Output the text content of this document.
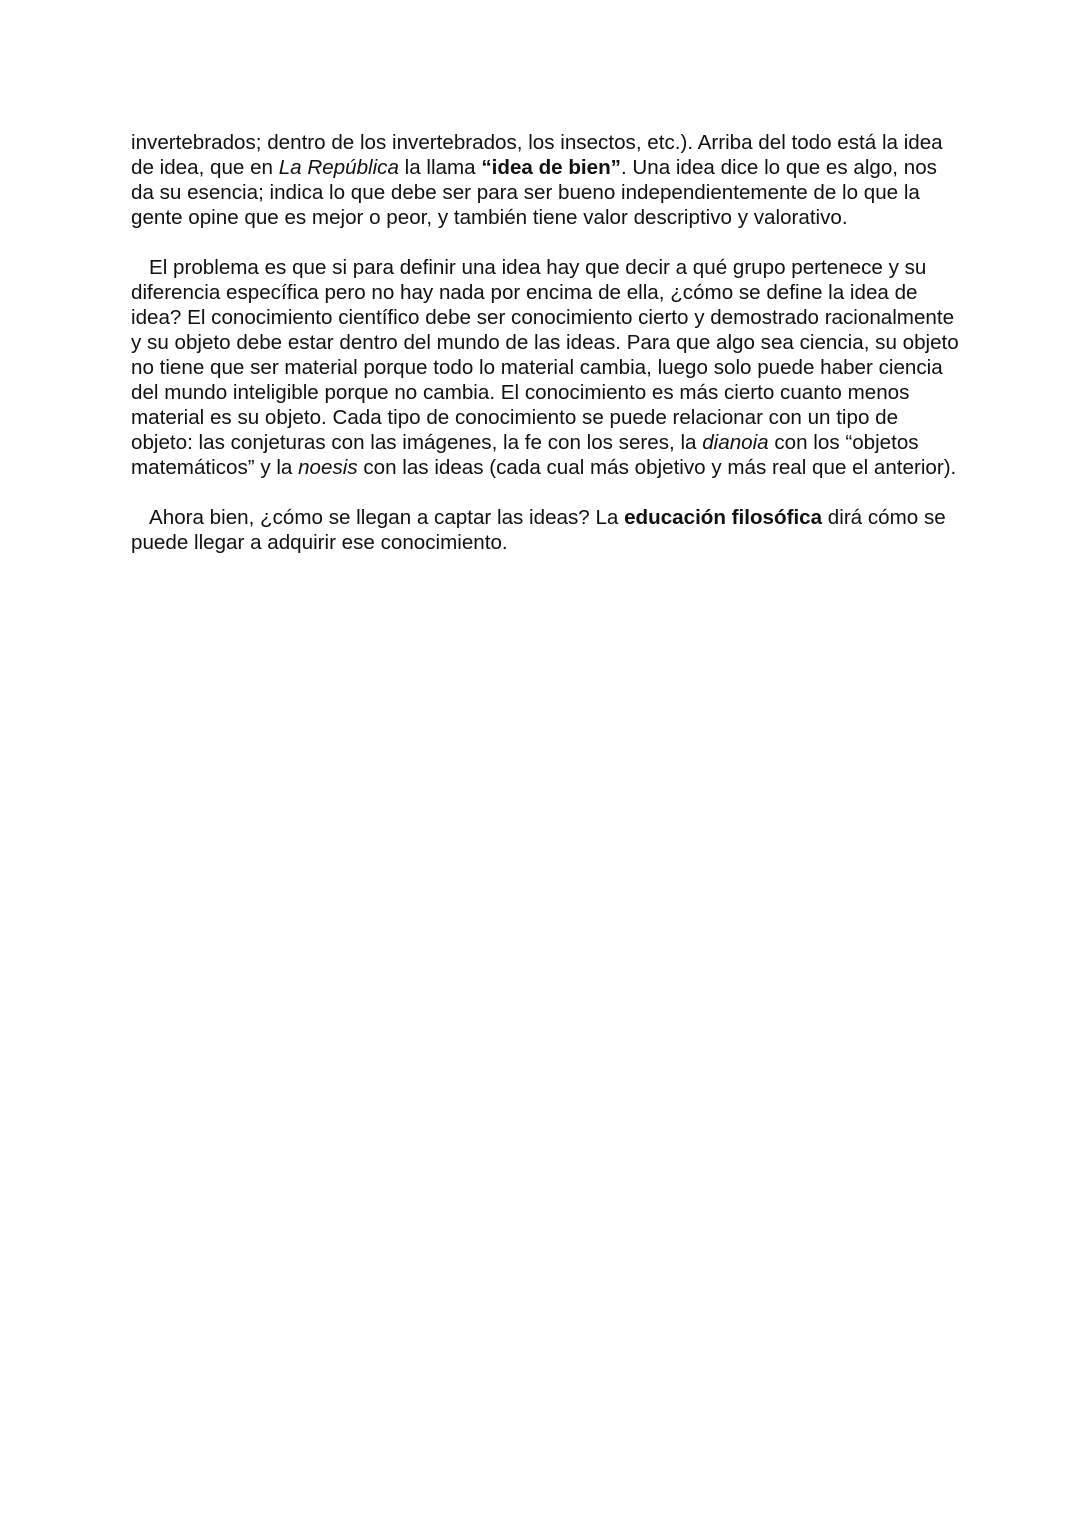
invertebrados; dentro de los invertebrados, los insectos, etc.). Arriba del todo está la idea de idea, que en La República la llama “idea de bien”. Una idea dice lo que es algo, nos da su esencia; indica lo que debe ser para ser bueno independientemente de lo que la gente opine que es mejor o peor, y también tiene valor descriptivo y valorativo.

El problema es que si para definir una idea hay que decir a qué grupo pertenece y su diferencia específica pero no hay nada por encima de ella, ¿cómo se define la idea de idea? El conocimiento científico debe ser conocimiento cierto y demostrado racionalmente y su objeto debe estar dentro del mundo de las ideas. Para que algo sea ciencia, su objeto no tiene que ser material porque todo lo material cambia, luego solo puede haber ciencia del mundo inteligible porque no cambia. El conocimiento es más cierto cuanto menos material es su objeto. Cada tipo de conocimiento se puede relacionar con un tipo de objeto: las conjeturas con las imágenes, la fe con los seres, la dianoia con los “objetos matemáticos” y la noesis con las ideas (cada cual más objetivo y más real que el anterior).

Ahora bien, ¿cómo se llegan a captar las ideas? La educación filosófica dirá cómo se puede llegar a adquirir ese conocimiento.
